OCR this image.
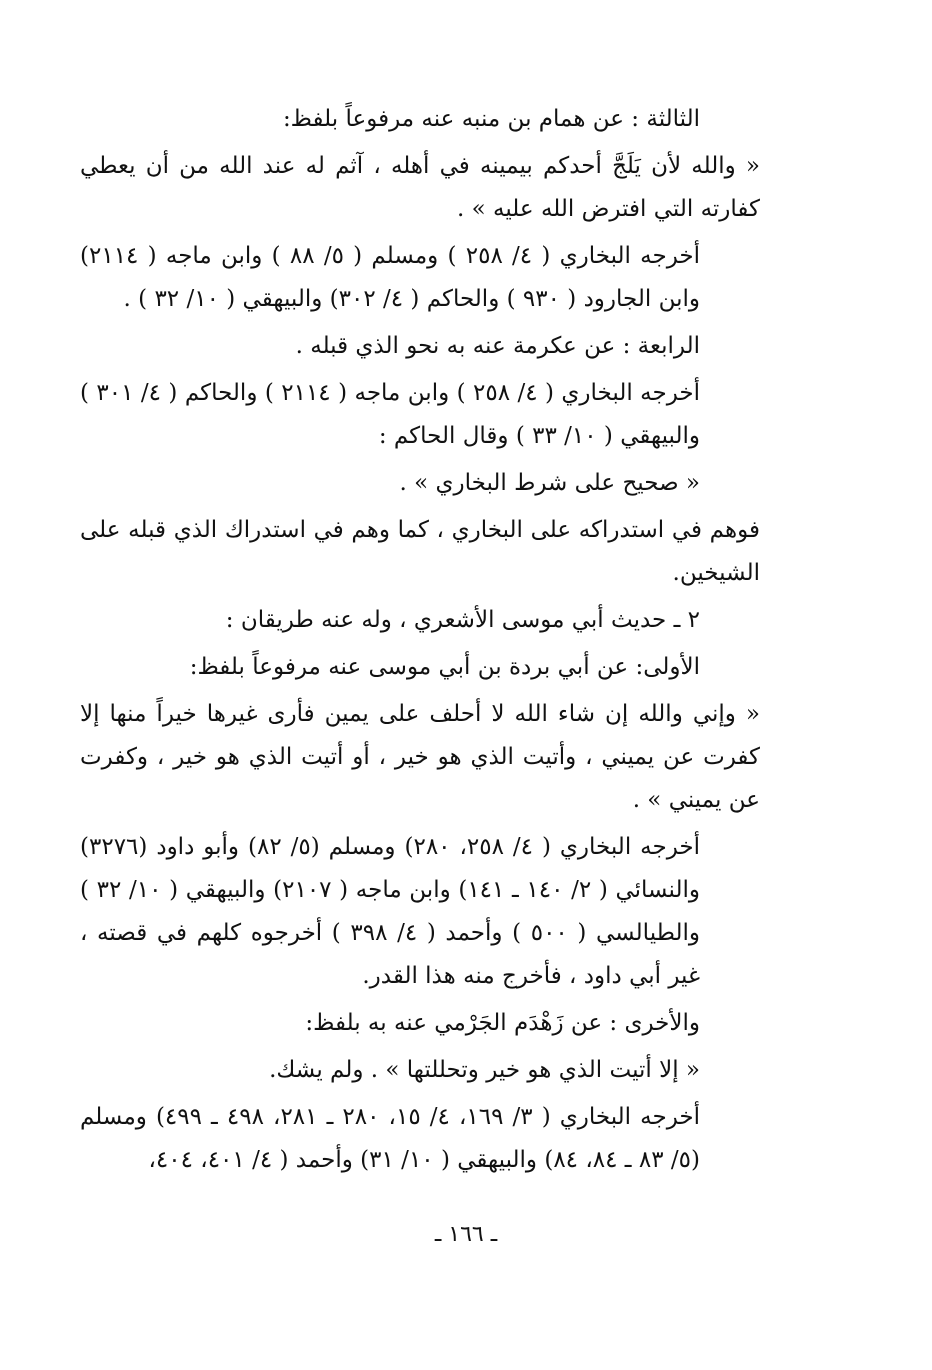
الثالثة : عن همام بن منبه عنه مرفوعاً بلفظ:

« والله لأن يَلَجَّ أحدكم بيمينه في أهله ، آثم له عند الله من أن يعطي كفارته التي افترض الله عليه » .

أخرجه البخاري ( ٤/ ٢٥٨ ) ومسلم ( ٥/ ٨٨ ) وابن ماجه ( ٢١١٤) وابن الجارود ( ٩٣٠ ) والحاكم ( ٤/ ٣٠٢) والبيهقي ( ١٠/ ٣٢ ) .

الرابعة : عن عكرمة عنه به نحو الذي قبله .

أخرجه البخاري ( ٤/ ٢٥٨ ) وابن ماجه ( ٢١١٤ ) والحاكم ( ٤/ ٣٠١ ) والبيهقي ( ١٠/ ٣٣ ) وقال الحاكم :

« صحيح على شرط البخاري » .

فوهم في استدراكه على البخاري ، كما وهم في استدراك الذي قبله على الشيخين.

٢ ـ حديث أبي موسى الأشعري ، وله عنه طريقان :

الأولى: عن أبي بردة بن أبي موسى عنه مرفوعاً بلفظ:

« وإني والله إن شاء الله لا أحلف على يمين فأرى غيرها خيراً منها إلا كفرت عن يميني ، وأتيت الذي هو خير ، أو أتيت الذي هو خير ، وكفرت عن يميني » .

أخرجه البخاري ( ٤/ ٢٥٨، ٢٨٠) ومسلم (٥/ ٨٢) وأبو داود (٣٢٧٦) والنسائي ( ٢/ ١٤٠ ـ ١٤١) وابن ماجه ( ٢١٠٧) والبيهقي ( ١٠/ ٣٢ ) والطيالسي ( ٥٠٠ ) وأحمد ( ٤/ ٣٩٨ ) أخرجوه كلهم في قصته ، غير أبي داود ، فأخرج منه هذا القدر.

والأخرى : عن زَهْدَم الجَرْمي عنه به بلفظ:

« إلا أتيت الذي هو خير وتحللتها » . ولم يشك.

أخرجه البخاري ( ٣/ ١٦٩، ٤/ ١٥، ٢٨٠ ـ ٢٨١، ٤٩٨ ـ ٤٩٩) ومسلم (٥/ ٨٣ ـ ٨٤، ٨٤) والبيهقي ( ١٠/ ٣١) وأحمد ( ٤/ ٤٠١، ٤٠٤،

ـ ١٦٦ ـ
